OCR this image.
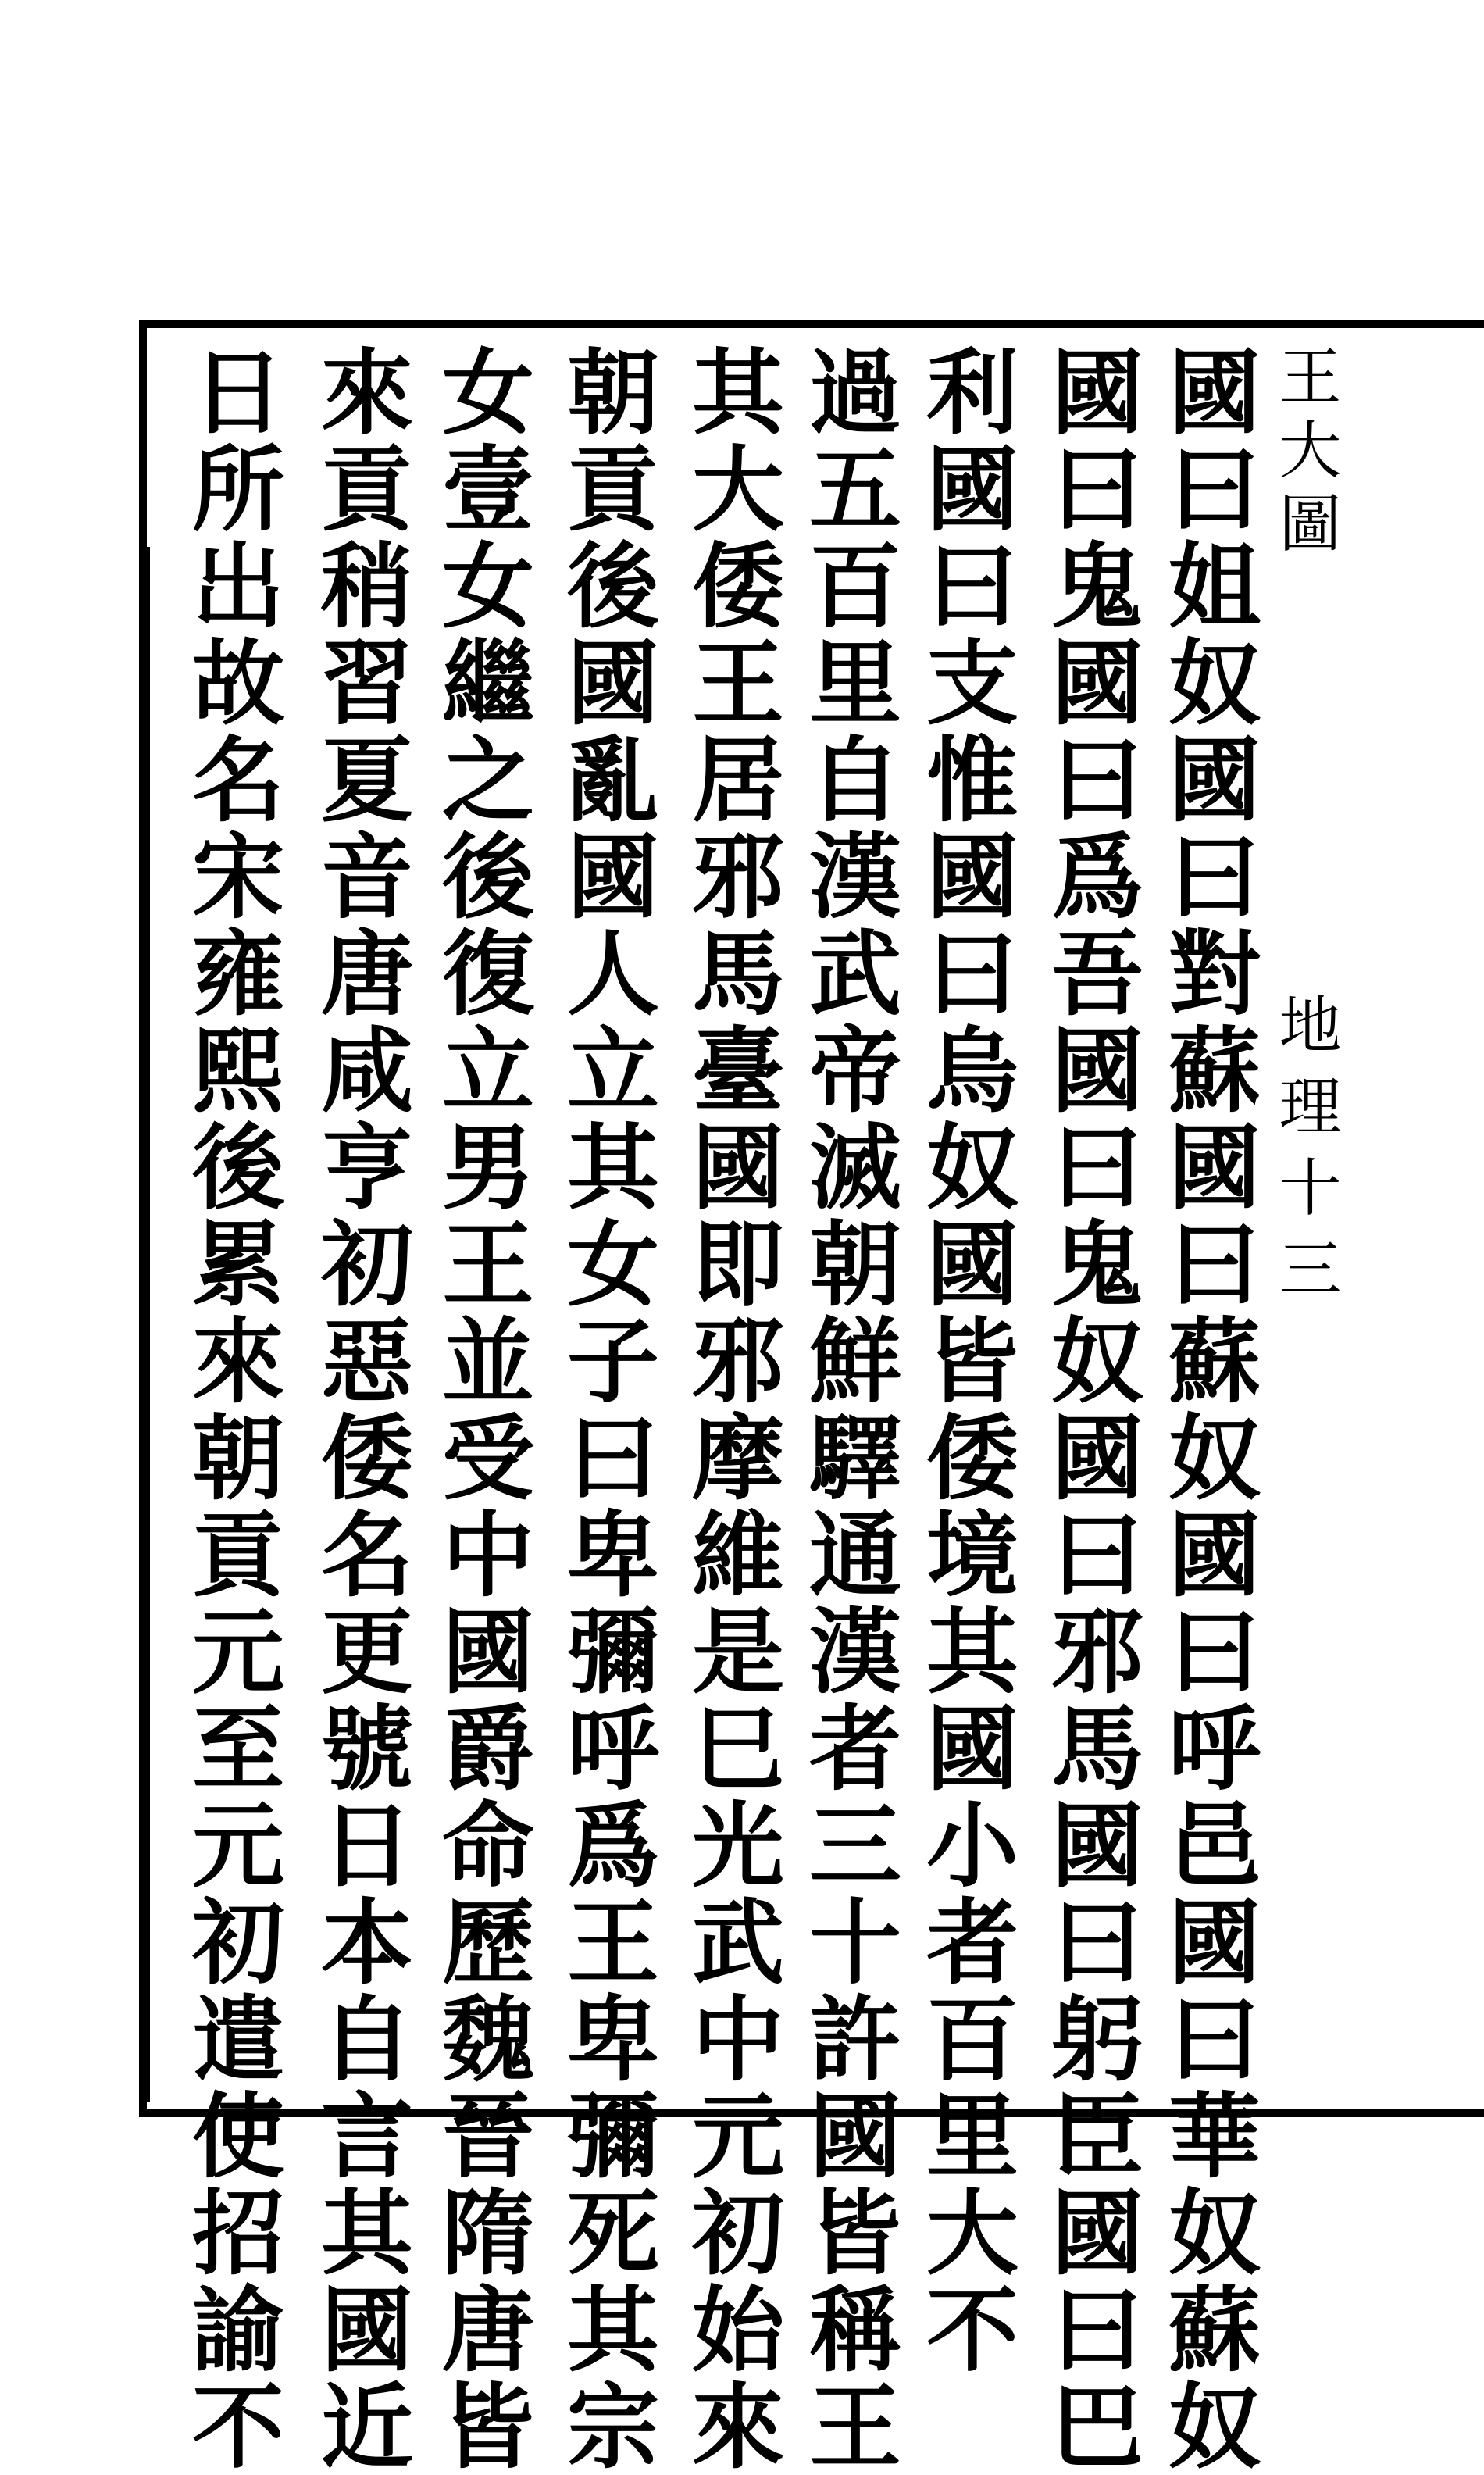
王大圖
地理十三
國曰姐奴國曰對蘇國曰蘇奴國曰呼邑國曰華奴蘇奴
國曰鬼國曰爲吾國曰鬼奴國曰邪馬國曰躬臣國曰巴
利國曰支惟國曰烏奴國皆倭境其國小者百里大不
過五百里自漢武帝滅朝鮮驛通漢者三十許國皆稱王
其大倭王居邪馬臺國即邪摩維是巳光武中元初始來
朝貢後國亂國人立其女子曰卑彌呼爲王卑彌死其宗
女壹女繼之後復立男王並受中國爵命歷魏晉隋唐皆
來貢稍習夏音唐咸亨初惡倭名更號日本自言其國近
日所出故名宋雍熙後累來朝貢元至元初遣使招諭不
